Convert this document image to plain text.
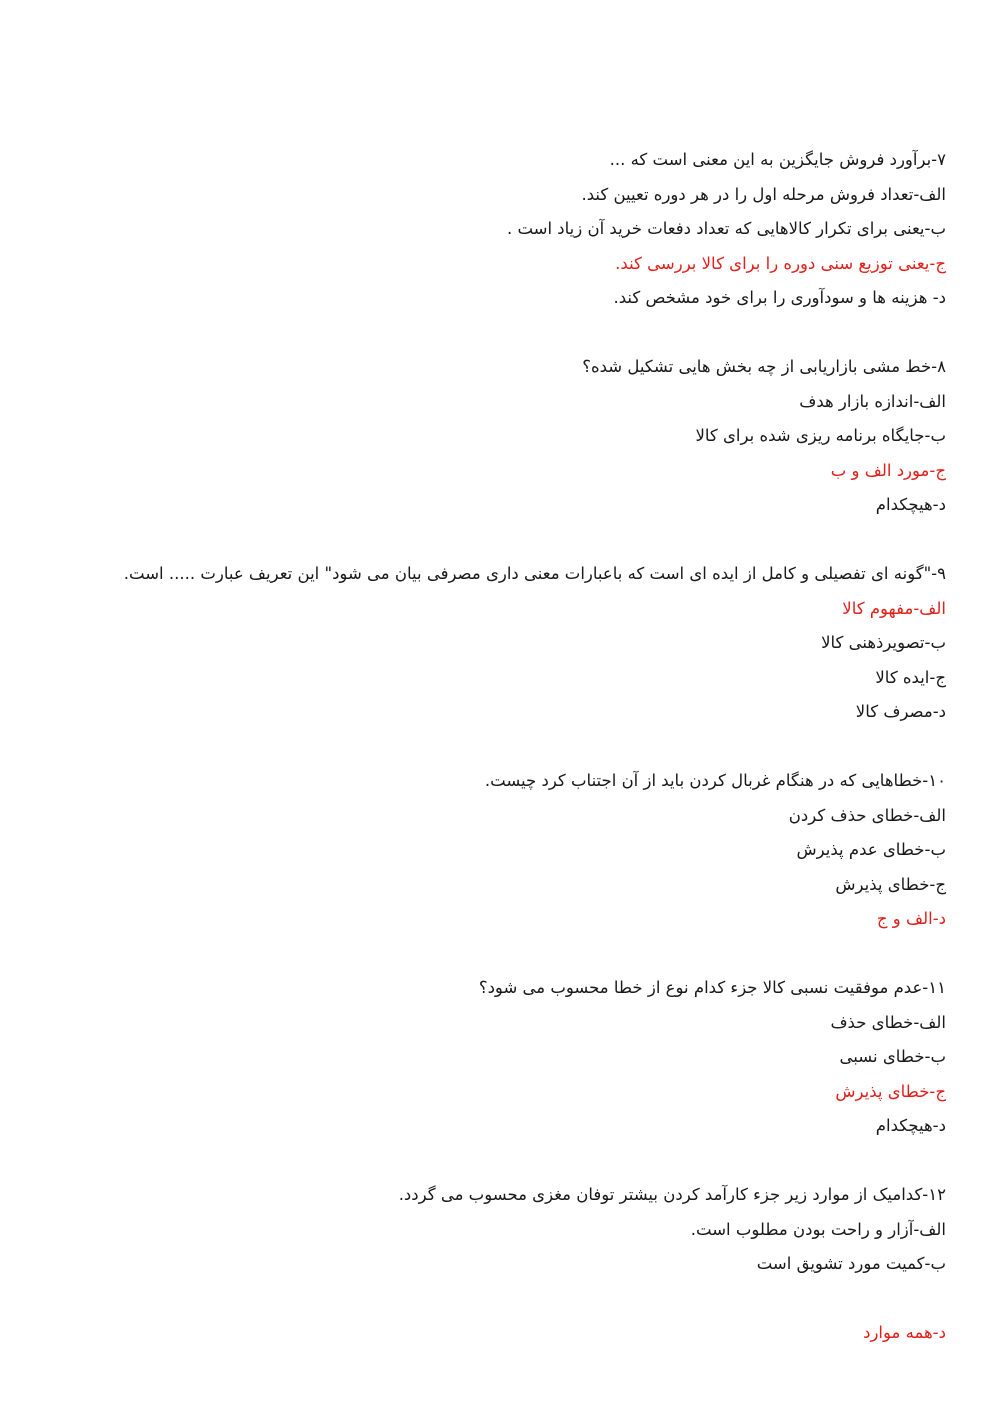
۷-برآورد فروش جایگزین به این معنی است که ...
الف-تعداد فروش مرحله اول را در هر دوره تعیین کند.
ب-یعنی برای تکرار کالاهایی که تعداد دفعات خرید آن زیاد است .
ج-یعنی توزیع سنی دوره را برای کالا بررسی کند.
د- هزینه ها و سودآوری را برای خود مشخص کند.
۸-خط مشی بازاریابی از چه بخش هایی تشکیل شده؟
الف-اندازه بازار هدف
ب-جایگاه برنامه ریزی شده برای کالا
ج-مورد الف و ب
د-هیچکدام
۹-"گونه ای تفصیلی و کامل از ایده ای است که باعبارات معنی داری مصرفی بیان می شود" این تعریف عبارت ..... است.
الف-مفهوم کالا
ب-تصویرذهنی کالا
ج-ایده کالا
د-مصرف کالا
۱۰-خطاهایی که در هنگام غربال کردن باید از آن اجتناب کرد چیست.
الف-خطای حذف کردن
ب-خطای عدم پذیرش
ج-خطای پذیرش
د-الف و ج
۱۱-عدم موفقیت نسبی کالا جزء کدام نوع از خطا محسوب می شود؟
الف-خطای حذف
ب-خطای نسبی
ج-خطای پذیرش
د-هیچکدام
۱۲-کدامیک از موارد زیر جزء کارآمد کردن بیشتر توفان مغزی محسوب می گردد.
الف-آزار و راحت بودن مطلوب است.
ب-کمیت مورد تشویق است
د-همه موارد
